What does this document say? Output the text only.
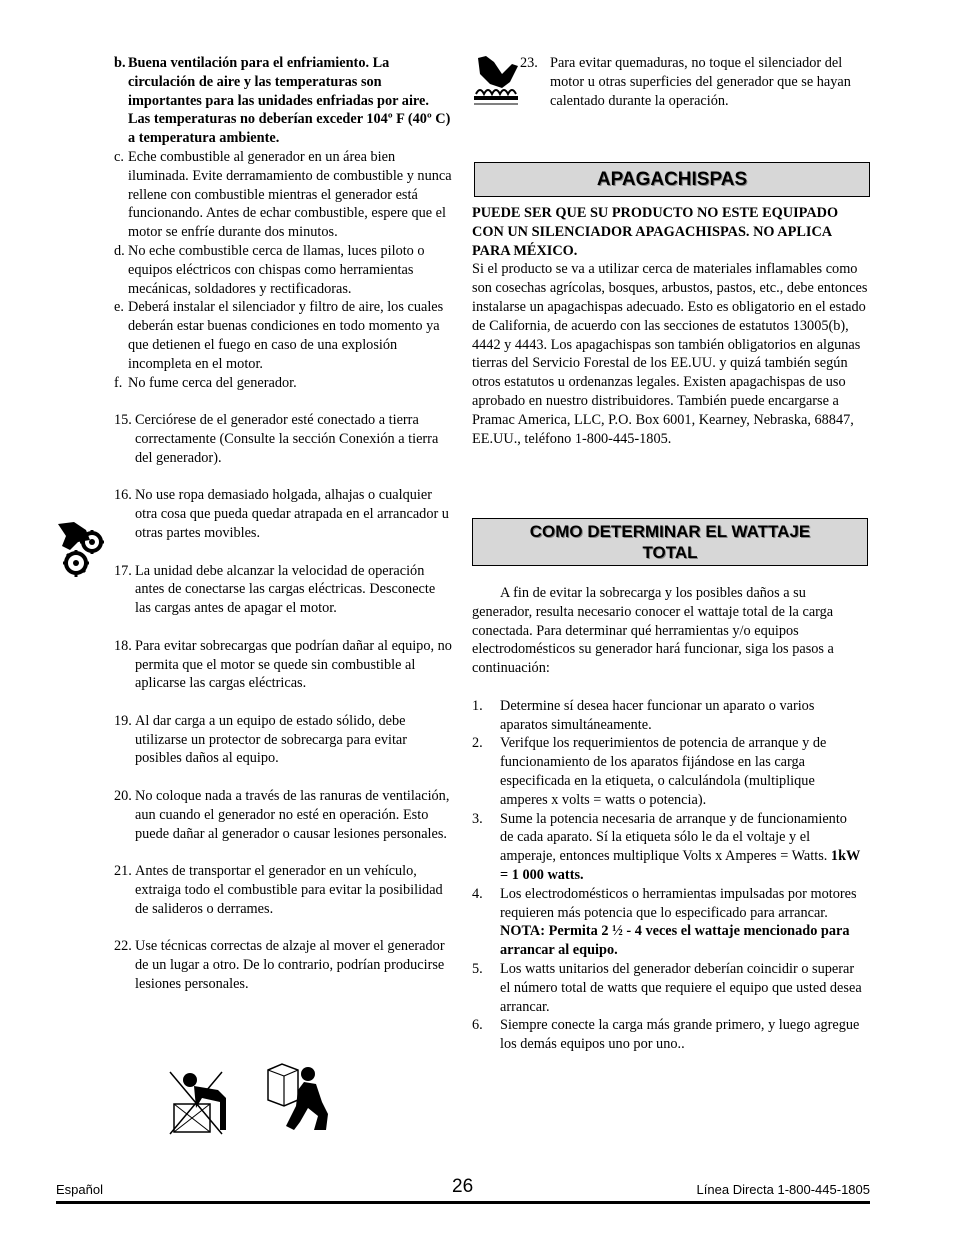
b. Buena ventilación para el enfriamiento. La circulación de aire y las temperaturas son importantes para las unidades enfriadas por aire. Las temperaturas no deberían exceder 104º F (40º C) a temperatura ambiente.
c. Eche combustible al generador en un área bien iluminada. Evite derramamiento de combustible y nunca rellene con combustible mientras el generador está funcionando. Antes de echar combustible, espere que el motor se enfríe durante dos minutos.
d. No eche combustible cerca de llamas, luces piloto o equipos eléctricos con chispas como herramientas mecánicas, soldadores y rectificadoras.
e. Deberá instalar el silenciador y filtro de aire, los cuales deberán estar buenas condiciones en todo momento ya que detienen el fuego en caso de una explosión incompleta en el motor.
f. No fume cerca del generador.
15. Cerciórese de el generador esté conectado a tierra correctamente (Consulte la sección Conexión a tierra del generador).
16. No use ropa demasiado holgada, alhajas o cualquier otra cosa que pueda quedar atrapada en el arrancador u otras partes movibles.
17. La unidad debe alcanzar la velocidad de operación antes de conectarse las cargas eléctricas. Desconecte las cargas antes de apagar el motor.
18. Para evitar sobrecargas que podrían dañar al equipo, no permita que el motor se quede sin combustible al aplicarse las cargas eléctricas.
19. Al dar carga a un equipo de estado sólido, debe utilizarse un protector de sobrecarga para evitar posibles daños al equipo.
20. No coloque nada a través de las ranuras de ventilación, aun cuando el generador no esté en operación. Esto puede dañar al generador o causar lesiones personales.
21. Antes de transportar el generador en un vehículo, extraiga todo el combustible para evitar la posibilidad de salideros o derrames.
22. Use técnicas correctas de alzaje al mover el generador de un lugar a otro. De lo contrario, podrían producirse lesiones personales.
23. Para evitar quemaduras, no toque el silenciador del motor u otras superficies del generador que se hayan calentado durante la operación.
APAGACHISPAS
PUEDE SER QUE SU PRODUCTO NO ESTE EQUIPADO CON UN SILENCIADOR APAGACHISPAS. NO APLICA PARA MÉXICO.
Si el producto se va a utilizar cerca de materiales inflamables como son cosechas agrícolas, bosques, arbustos, pastos, etc., debe entonces instalarse un apagachispas adecuado. Esto es obligatorio en el estado de California, de acuerdo con las secciones de estatutos 13005(b), 4442 y 4443. Los apagachispas son también obligatorios en algunas tierras del Servicio Forestal de los EE.UU. y quizá también según otros estatutos u ordenanzas legales. Existen apagachispas de uso aprobado en nuestro distribuidores. También puede encargarse a Pramac America, LLC, P.O. Box 6001, Kearney, Nebraska, 68847, EE.UU., teléfono 1-800-445-1805.
COMO DETERMINAR EL WATTAJE
TOTAL
A fin de evitar la sobrecarga y los posibles daños a su generador, resulta necesario conocer el wattaje total de la carga conectada. Para determinar qué herramientas y/o equipos electrodomésticos su generador hará funcionar, siga los pasos a continuación:
1.	Determine sí desea hacer funcionar un aparato o varios aparatos simultáneamente.
2.	Verifque los requerimientos de potencia de arranque y de funcionamiento de los aparatos fijándose en las carga especificada en la etiqueta, o calculándola (multiplique amperes x volts = watts o potencia).
3.	Sume la potencia necesaria de arranque y de funcionamiento de cada aparato. Sí la etiqueta sólo le da el voltaje y el amperaje, entonces multiplique Volts x Amperes = Watts. 1kW = 1 000 watts.
4.	Los electrodomésticos o herramientas impulsadas por motores requieren más potencia que lo especificado para arrancar.
NOTA: Permita 2 ½ - 4 veces el wattaje mencionado para arrancar al equipo.
5.	Los watts unitarios del generador deberían coincidir o superar el número total de watts que requiere el equipo que usted desea arrancar.
6.	Siempre conecte la carga más grande primero, y luego agregue los demás equipos uno por uno..
Español	26	Línea Directa 1-800-445-1805
